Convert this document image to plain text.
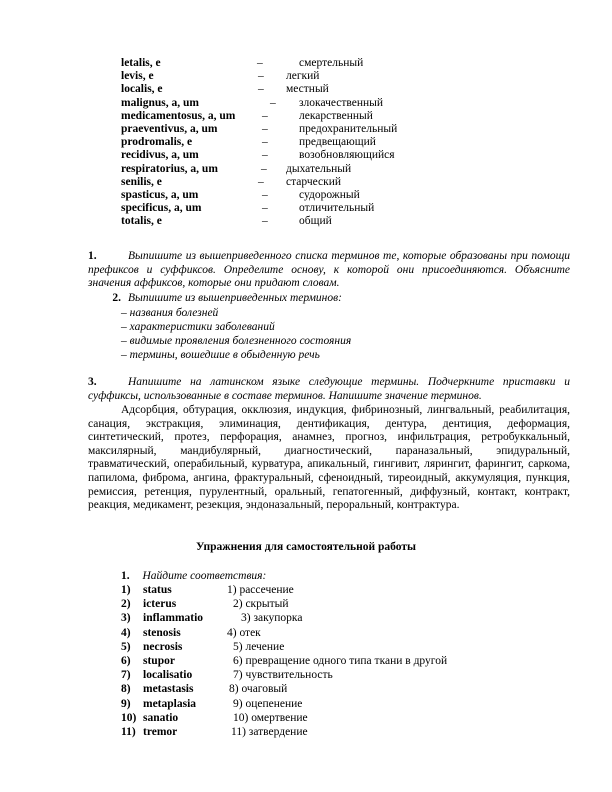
letalis, e	–	смертельный
levis, e	– легкий
localis, e	– местный
malignus, a, um	– злокачественный
medicamentosus, a, um –	лекарственный
praeventivus, a, um	–	предохранительный
prodromalis, e	–	предвещающий
recidivus, a, um	–	возобновляющийся
respiratorius, a, um	– дыхательный
senilis, e	– старческий
spasticus, a, um	–	судорожный
specificus, a, um	–	отличительный
totalis, e	–	общий
1.	Выпишите из вышеприведенного списка терминов те, которые образованы при помощи префиксов и суффиксов. Определите основу, к которой они присоединяются. Объясните значения аффиксов, которые они придают словам.
2. Выпишите из вышеприведенных терминов:
– названия болезней
– характеристики заболеваний
– видимые проявления болезненного состояния
– термины, вошедшие в обыденную речь
3.	Напишите на латинском языке следующие термины. Подчеркните приставки и суффиксы, использованные в составе терминов. Напишите значение терминов.
Адсорбция, обтурация, окклюзия, индукция, фибринозный, лингвальный, реабилитация, санация, экстракция, элиминация, дентификация, дентура, дентиция, деформация, синтетический, протез, перфорация, анамнез, прогноз, инфильтрация, ретробуккальный, максилярный, мандибулярный, диагностический, параназальный, эпидуральный, травматический, операбильный, курватура, апикальный, гингивит, лярингит, фарингит, саркома, папилома, фиброма, ангина, фрактуральный, сфеноидный, тиреоидный, аккумуляция, пункция, ремиссия, ретенция, пурулентный, оральный, гепатогенный, диффузный, контакт, контракт, реакция, медикамент, резекция, эндоназальный, пероральный, контрактура.
Упражнения для самостоятельной работы
1. Найдите соответствия:
1) status	1) рассечение
2) icterus	2) скрытый
3) inflammatio	3) закупорка
4) stenosis	4) отек
5) necrosis	5) лечение
6) stupor	6) превращение одного типа ткани в другой
7) localisatio	7) чувствительность
8) metastasis	8) очаговый
9) metaplasia	9) оцепенение
10) sanatio	10) омертвение
11) tremor	11) затвердение
